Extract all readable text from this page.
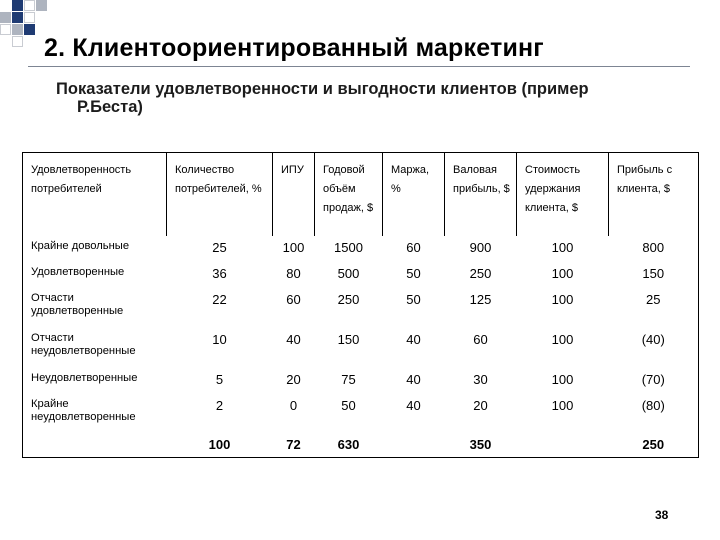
2. Клиентоориентированный маркетинг
Показатели удовлетворенности и выгодности клиентов (пример
Р.Беста)
Удовлетворенность потребителей	Количество потребителей, %	ИПУ	Годовой объём продаж, $	Маржа, %	Валовая прибыль, $	Стоимость удержания клиента, $	Прибыль с клиента, $
Крайне довольные	25	100	1500	60	900	100	800
Удовлетворенные	36	80	500	50	250	100	150
Отчасти удовлетворенные	22	60	250	50	125	100	25
Отчасти неудовлетворенные	10	40	150	40	60	100	(40)
Неудовлетворенные	5	20	75	40	30	100	(70)
Крайне неудовлетворенные	2	0	50	40	20	100	(80)
	100	72	630		350		250
38
